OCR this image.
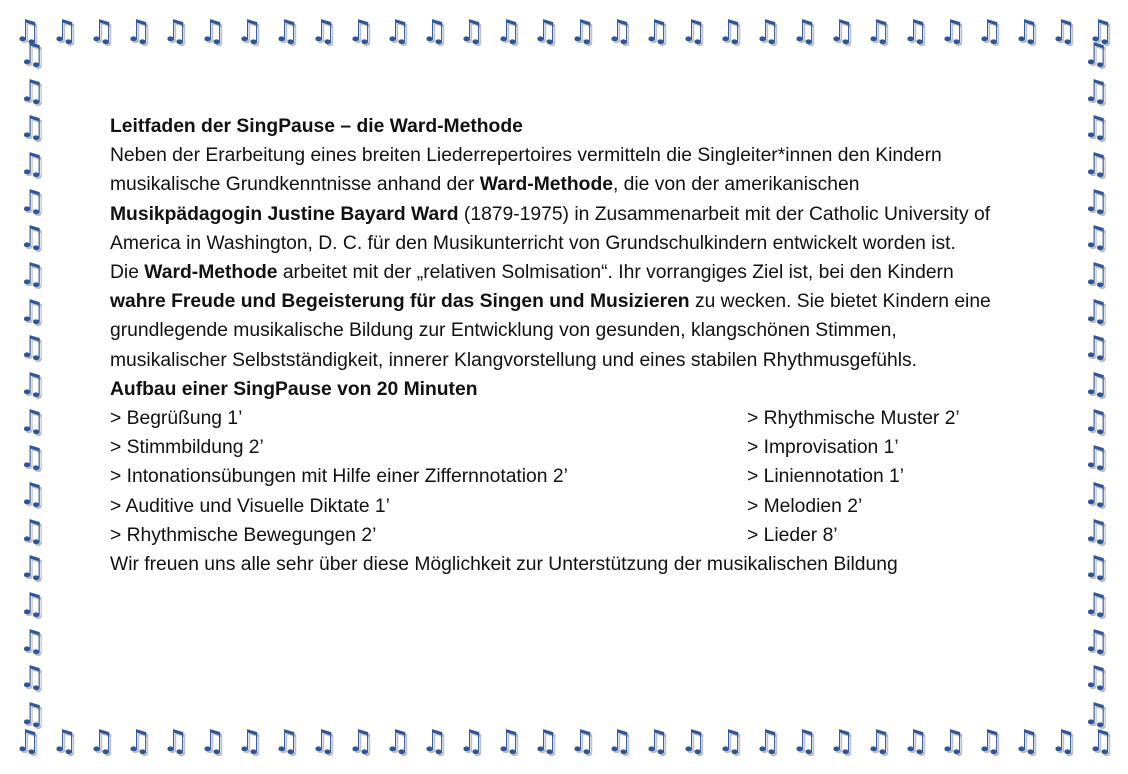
♫ ♫ ♫ ♫ ♫ ♫ ♫ ♫ ♫ ♫ ♫ ♫ ♫ ♫ ♫ ♫ ♫ ♫ ♫ ♫ ♫ ♫ ♫ ♫ ♫ ♫ ♫ ♫ ♫ ♫
♫ ♫ ♫ ♫ ♫ ♫ ♫ ♫ ♫ ♫ ♫ ♫ ♫ ♫ ♫ ♫ ♫ ♫ ♫ ♫ ♫ ♫ ♫ ♫ ♫ ♫ ♫ ♫ ♫ ♫
♫
♫
♫
♫
♫
♫
♫
♫
♫
♫
♫
♫
♫
♫
♫
♫
♫
♫
♫
♫
♫
♫
♫
♫
♫
♫
♫
♫
♫
♫
♫
♫
♫
♫
♫
♫
♫
♫

Leitfaden der SingPause – die Ward-Methode

Neben der Erarbeitung eines breiten Liederrepertoires vermitteln die Singleiter*innen den Kindern musikalische Grundkenntnisse anhand der Ward-Methode, die von der amerikanischen Musikpädagogin Justine Bayard Ward (1879-1975) in Zusammenarbeit mit der Catholic University of America in Washington, D. C. für den Musikunterricht von Grundschulkindern entwickelt worden ist.

Die Ward-Methode arbeitet mit der „relativen Solmisation“. Ihr vorrangiges Ziel ist, bei den Kindern wahre Freude und Begeisterung für das Singen und Musizieren zu wecken. Sie bietet Kindern eine grundlegende musikalische Bildung zur Entwicklung von gesunden, klangschönen Stimmen, musikalischer Selbstständigkeit, innerer Klangvorstellung und eines stabilen Rhythmusgefühls.

Aufbau einer SingPause von 20 Minuten

> Begrüßung 1’	> Rhythmische Muster 2’
> Stimmbildung 2’	> Improvisation 1’
> Intonationsübungen mit Hilfe einer Ziffernnotation 2’	> Liniennotation 1’
> Auditive und Visuelle Diktate 1’	> Melodien 2’
> Rhythmische Bewegungen 2’	> Lieder 8’

Wir freuen uns alle sehr über diese Möglichkeit zur Unterstützung der musikalischen Bildung
